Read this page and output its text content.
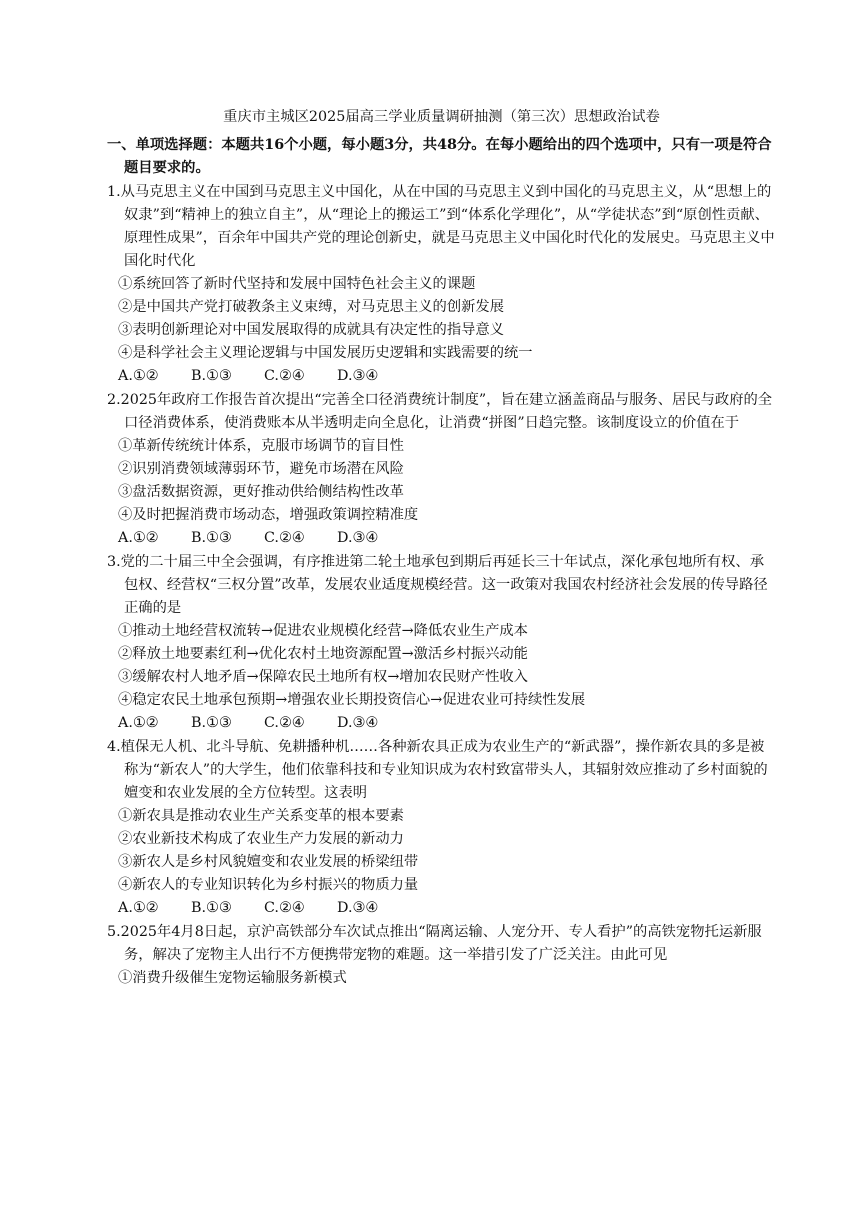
重庆市主城区2025届高三学业质量调研抽测（第三次）思想政治试卷

一、单项选择题：本题共16个小题，每小题3分，共48分。在每小题给出的四个选项中，只有一项是符合题目要求的。

1.从马克思主义在中国到马克思主义中国化，从在中国的马克思主义到中国化的马克思主义，从“思想上的奴隶”到“精神上的独立自主”，从“理论上的搬运工”到“体系化学理化”，从“学徒状态”到“原创性贡献、原理性成果”，百余年中国共产党的理论创新史，就是马克思主义中国化时代化的发展史。马克思主义中国化时代化

①系统回答了新时代坚持和发展中国特色社会主义的课题

②是中国共产党打破教条主义束缚，对马克思主义的创新发展

③表明创新理论对中国发展取得的成就具有决定性的指导意义

④是科学社会主义理论逻辑与中国发展历史逻辑和实践需要的统一

A.①②	B.①③	C.②④	D.③④

2.2025年政府工作报告首次提出“完善全口径消费统计制度”，旨在建立涵盖商品与服务、居民与政府的全口径消费体系，使消费账本从半透明走向全息化，让消费“拼图”日趋完整。该制度设立的价值在于

①革新传统统计体系，克服市场调节的盲目性

②识别消费领域薄弱环节，避免市场潜在风险

③盘活数据资源，更好推动供给侧结构性改革

④及时把握消费市场动态，增强政策调控精准度

A.①②	B.①③	C.②④	D.③④

3.党的二十届三中全会强调，有序推进第二轮土地承包到期后再延长三十年试点，深化承包地所有权、承包权、经营权“三权分置”改革，发展农业适度规模经营。这一政策对我国农村经济社会发展的传导路径正确的是

①推动土地经营权流转→促进农业规模化经营→降低农业生产成本

②释放土地要素红利→优化农村土地资源配置→激活乡村振兴动能

③缓解农村人地矛盾→保障农民土地所有权→增加农民财产性收入

④稳定农民土地承包预期→增强农业长期投资信心→促进农业可持续性发展

A.①②	B.①③	C.②④	D.③④

4.植保无人机、北斗导航、免耕播种机……各种新农具正成为农业生产的“新武器”，操作新农具的多是被称为“新农人”的大学生，他们依靠科技和专业知识成为农村致富带头人，其辐射效应推动了乡村面貌的嬗变和农业发展的全方位转型。这表明

①新农具是推动农业生产关系变革的根本要素

②农业新技术构成了农业生产力发展的新动力

③新农人是乡村风貌嬗变和农业发展的桥梁纽带

④新农人的专业知识转化为乡村振兴的物质力量

A.①②	B.①③	C.②④	D.③④

5.2025年4月8日起，京沪高铁部分车次试点推出“隔离运输、人宠分开、专人看护”的高铁宠物托运新服务，解决了宠物主人出行不方便携带宠物的难题。这一举措引发了广泛关注。由此可见

①消费升级催生宠物运输服务新模式
